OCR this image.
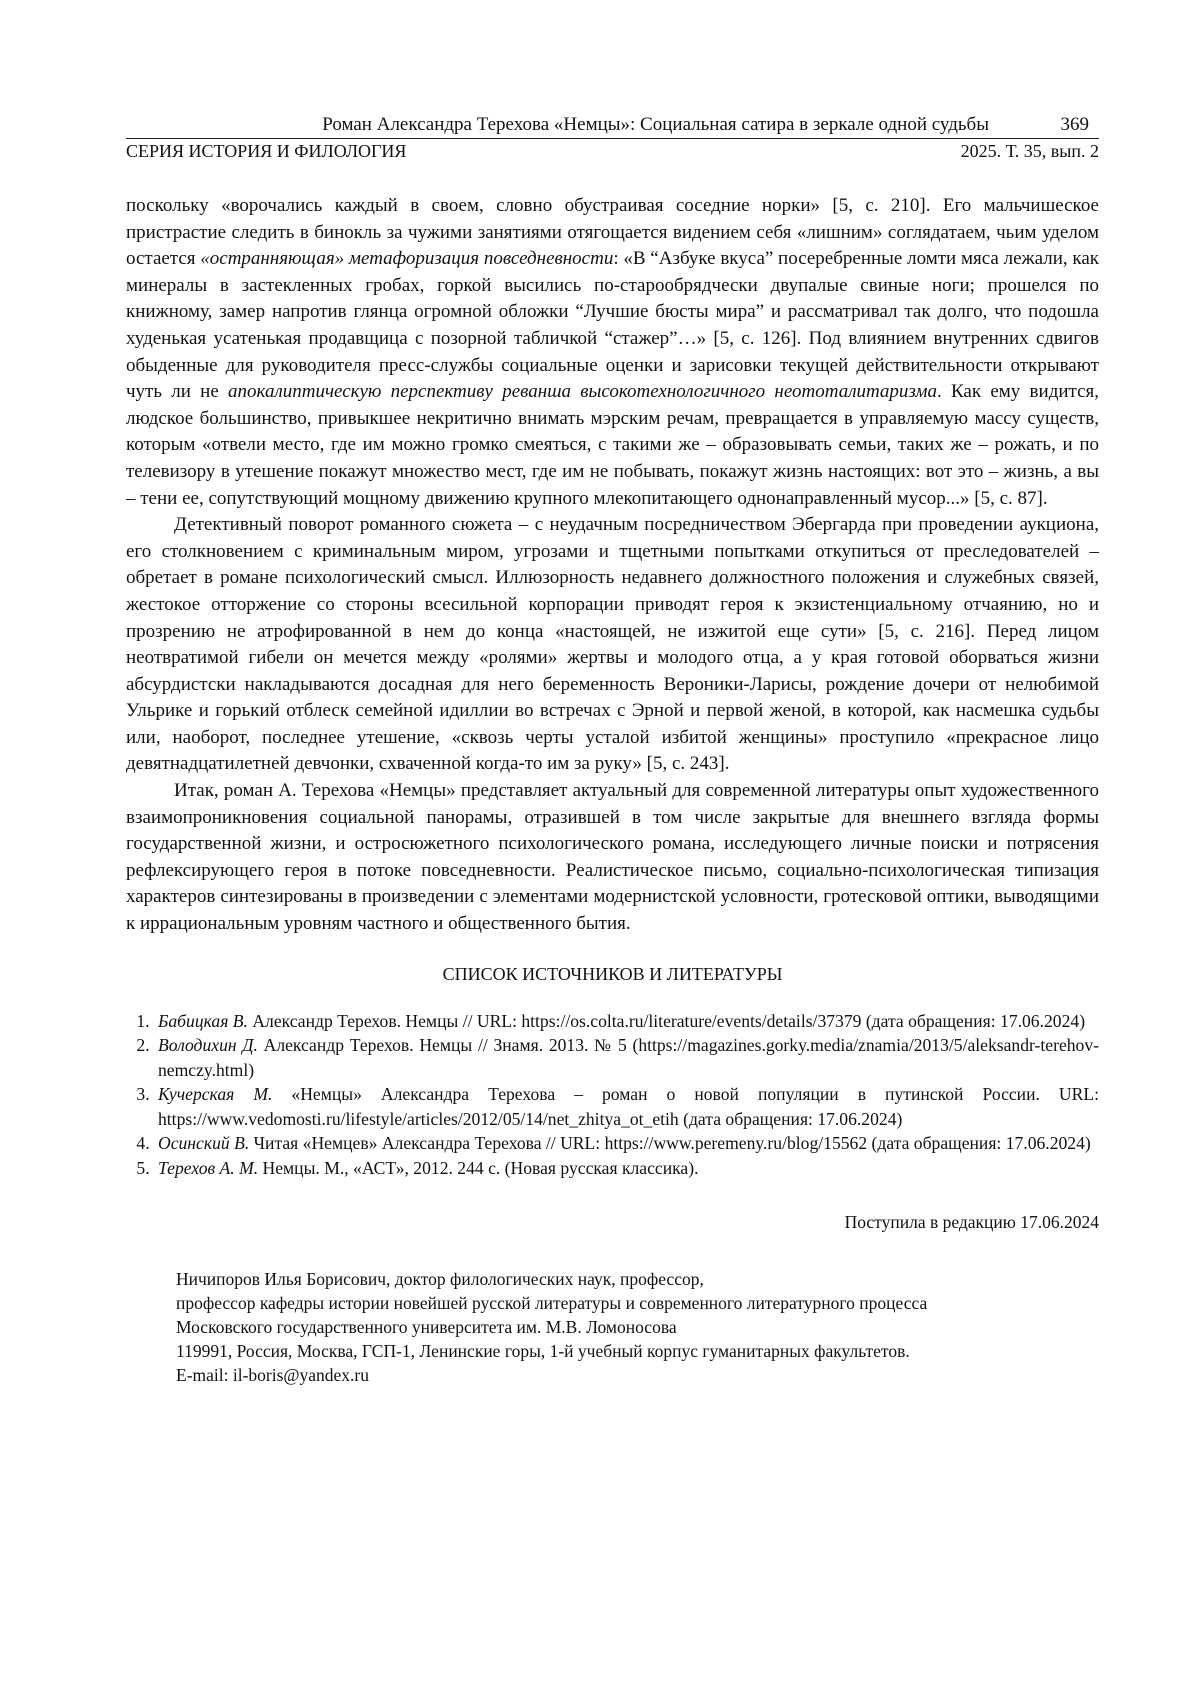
Роман Александра Терехова «Немцы»: Социальная сатира в зеркале одной судьбы	369
СЕРИЯ ИСТОРИЯ И ФИЛОЛОГИЯ	2025. Т. 35, вып. 2

поскольку «ворочались каждый в своем, словно обустраивая соседние норки» [5, с. 210]. Его мальчишеское пристрастие следить в бинокль за чужими занятиями отягощается видением себя «лишним» соглядатаем, чьим уделом остается «остранняющая» метафоризация повседневности: «В “Азбуке вкуса” посеребренные ломти мяса лежали, как минералы в застекленных гробах, горкой высились по-старообрядчески двупалые свиные ноги; прошелся по книжному, замер напротив глянца огромной обложки “Лучшие бюсты мира” и рассматривал так долго, что подошла худенькая усатенькая продавщица с позорной табличкой “стажер”…» [5, с. 126]. Под влиянием внутренних сдвигов обыденные для руководителя пресс-службы социальные оценки и зарисовки текущей действительности открывают чуть ли не апокалиптическую перспективу реванша высокотехнологичного неототалитаризма. Как ему видится, людское большинство, привыкшее некритично внимать мэрским речам, превращается в управляемую массу существ, которым «отвели место, где им можно громко смеяться, с такими же – образовывать семьи, таких же – рожать, и по телевизору в утешение покажут множество мест, где им не побывать, покажут жизнь настоящих: вот это – жизнь, а вы – тени ее, сопутствующий мощному движению крупного млекопитающего однонаправленный мусор...» [5, с. 87].

Детективный поворот романного сюжета – с неудачным посредничеством Эбергарда при проведении аукциона, его столкновением с криминальным миром, угрозами и тщетными попытками откупиться от преследователей – обретает в романе психологический смысл. Иллюзорность недавнего должностного положения и служебных связей, жестокое отторжение со стороны всесильной корпорации приводят героя к экзистенциальному отчаянию, но и прозрению не атрофированной в нем до конца «настоящей, не изжитой еще сути» [5, с. 216]. Перед лицом неотвратимой гибели он мечется между «ролями» жертвы и молодого отца, а у края готовой оборваться жизни абсурдистски накладываются досадная для него беременность Вероники-Ларисы, рождение дочери от нелюбимой Ульрике и горький отблеск семейной идиллии во встречах с Эрной и первой женой, в которой, как насмешка судьбы или, наоборот, последнее утешение, «сквозь черты усталой избитой женщины» проступило «прекрасное лицо девятнадцатилетней девчонки, схваченной когда-то им за руку» [5, с. 243].

Итак, роман А. Терехова «Немцы» представляет актуальный для современной литературы опыт художественного взаимопроникновения социальной панорамы, отразившей в том числе закрытые для внешнего взгляда формы государственной жизни, и остросюжетного психологического романа, исследующего личные поиски и потрясения рефлексирующего героя в потоке повседневности. Реалистическое письмо, социально-психологическая типизация характеров синтезированы в произведении с элементами модернистской условности, гротесковой оптики, выводящими к иррациональным уровням частного и общественного бытия.

СПИСОК ИСТОЧНИКОВ И ЛИТЕРАТУРЫ
1. Бабицкая В. Александр Терехов. Немцы // URL: https://os.colta.ru/literature/events/details/37379 (дата обращения: 17.06.2024)
2. Володихин Д. Александр Терехов. Немцы // Знамя. 2013. № 5 (https://magazines.gorky.media/znamia/2013/5/aleksandr-terehov-nemczy.html)
3. Кучерская М. «Немцы» Александра Терехова – роман о новой популяции в путинской России. URL: https://www.vedomosti.ru/lifestyle/articles/2012/05/14/net_zhitya_ot_etih (дата обращения: 17.06.2024)
4. Осинский В. Читая «Немцев» Александра Терехова // URL: https://www.peremeny.ru/blog/15562 (дата обращения: 17.06.2024)
5. Терехов А. М. Немцы. М., «АСТ», 2012. 244 с. (Новая русская классика).
Поступила в редакцию 17.06.2024
Ничипоров Илья Борисович, доктор филологических наук, профессор,
профессор кафедры истории новейшей русской литературы и современного литературного процесса
Московского государственного университета им. М.В. Ломоносова
119991, Россия, Москва, ГСП-1, Ленинские горы, 1-й учебный корпус гуманитарных факультетов.
E-mail: il-boris@yandex.ru
